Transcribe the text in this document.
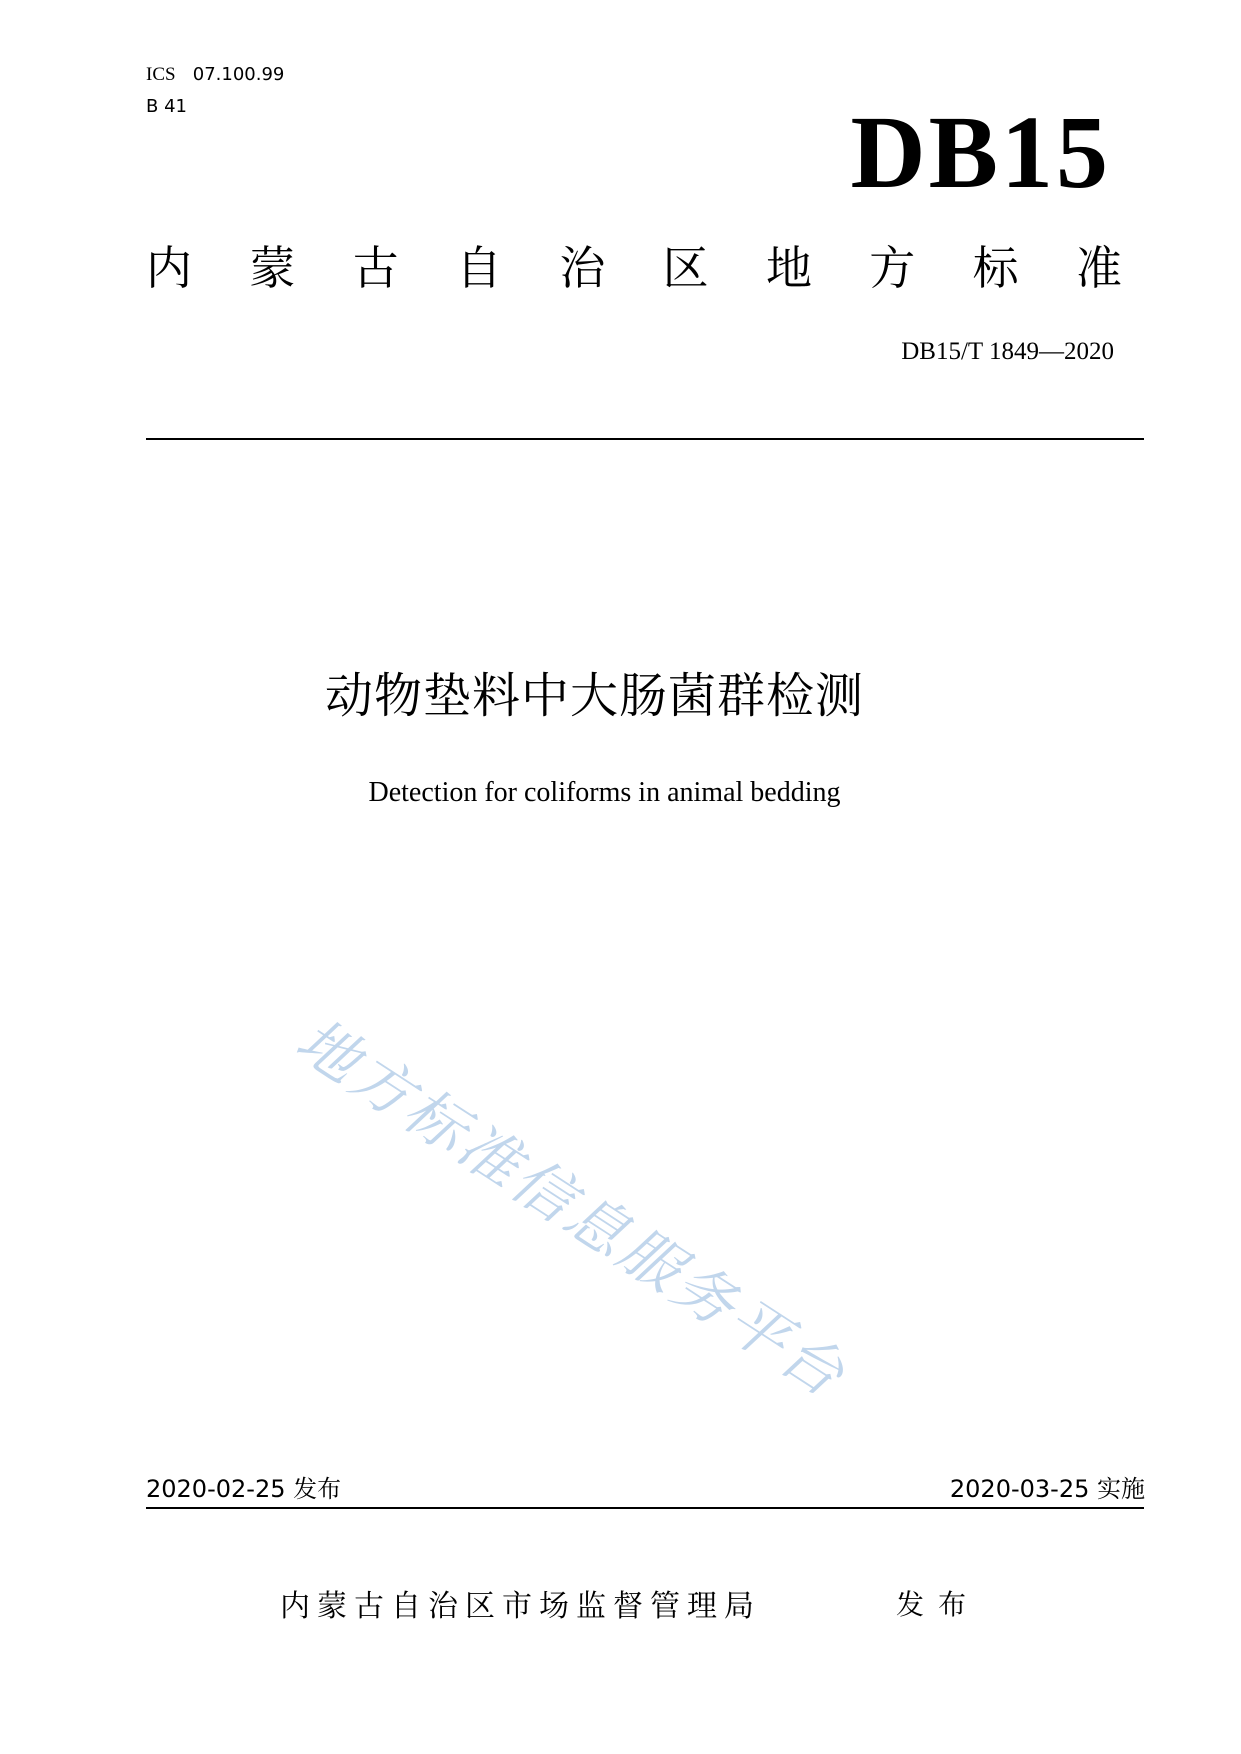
ICS 07.100.99
B 41	DB15
内 蒙 古 自 治 区 地 方 标 准
DB15/T 1849—2020
动物垫料中大肠菌群检测
Detection for coliforms in animal bedding
地方标准信息服务平台
2020-02-25 发布	2020-03-25 实施
内蒙古自治区市场监督管理局	发布
